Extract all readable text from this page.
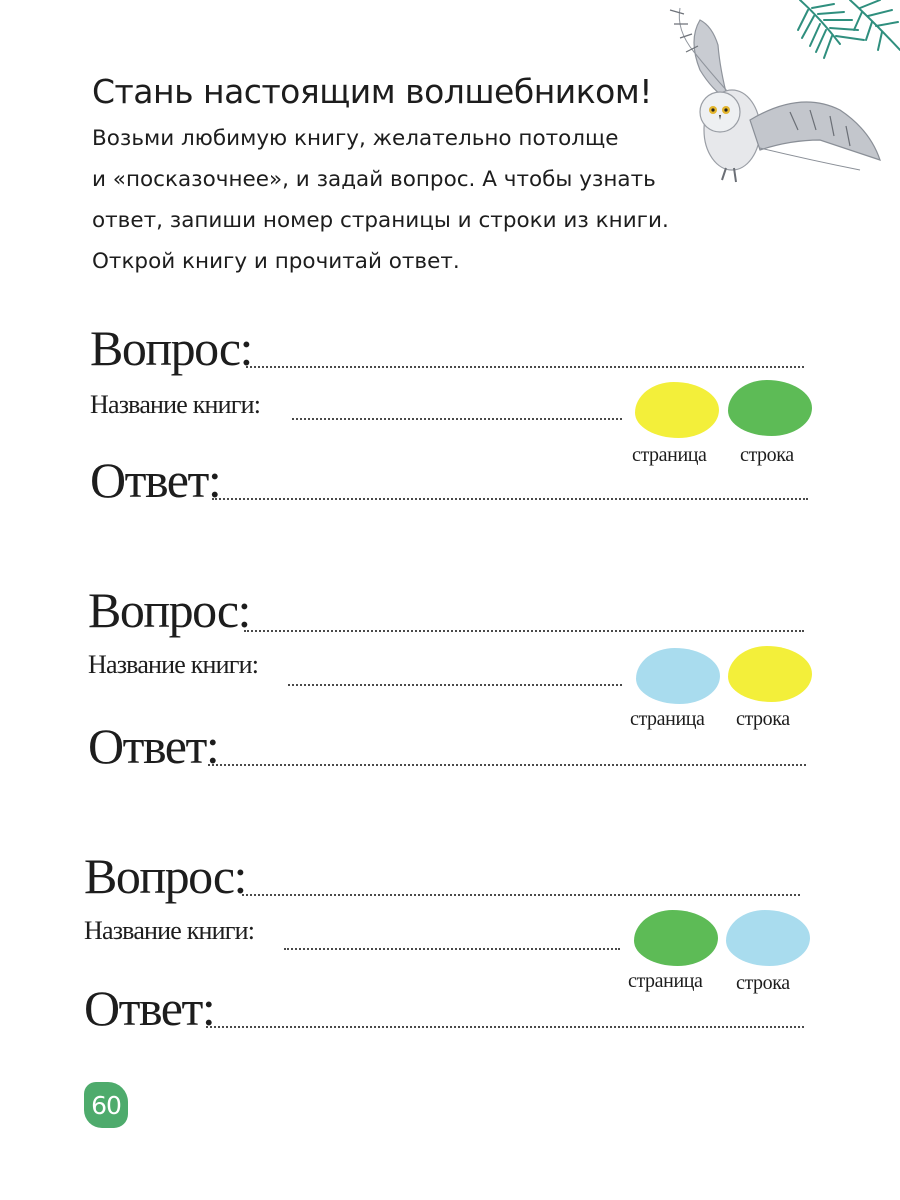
Стань настоящим волшебником!

Возьми любимую книгу, желательно потолще

и «посказочнее», и задай вопрос. А чтобы узнать

ответ, запиши номер страницы и строки из книги.

Открой книгу и прочитай ответ.

Вопрос:
Название книги:
страница строка
Ответ:
Вопрос:
Название книги:
страница строка
Ответ:
Вопрос:
Название книги:
страница строка
Ответ:
60
